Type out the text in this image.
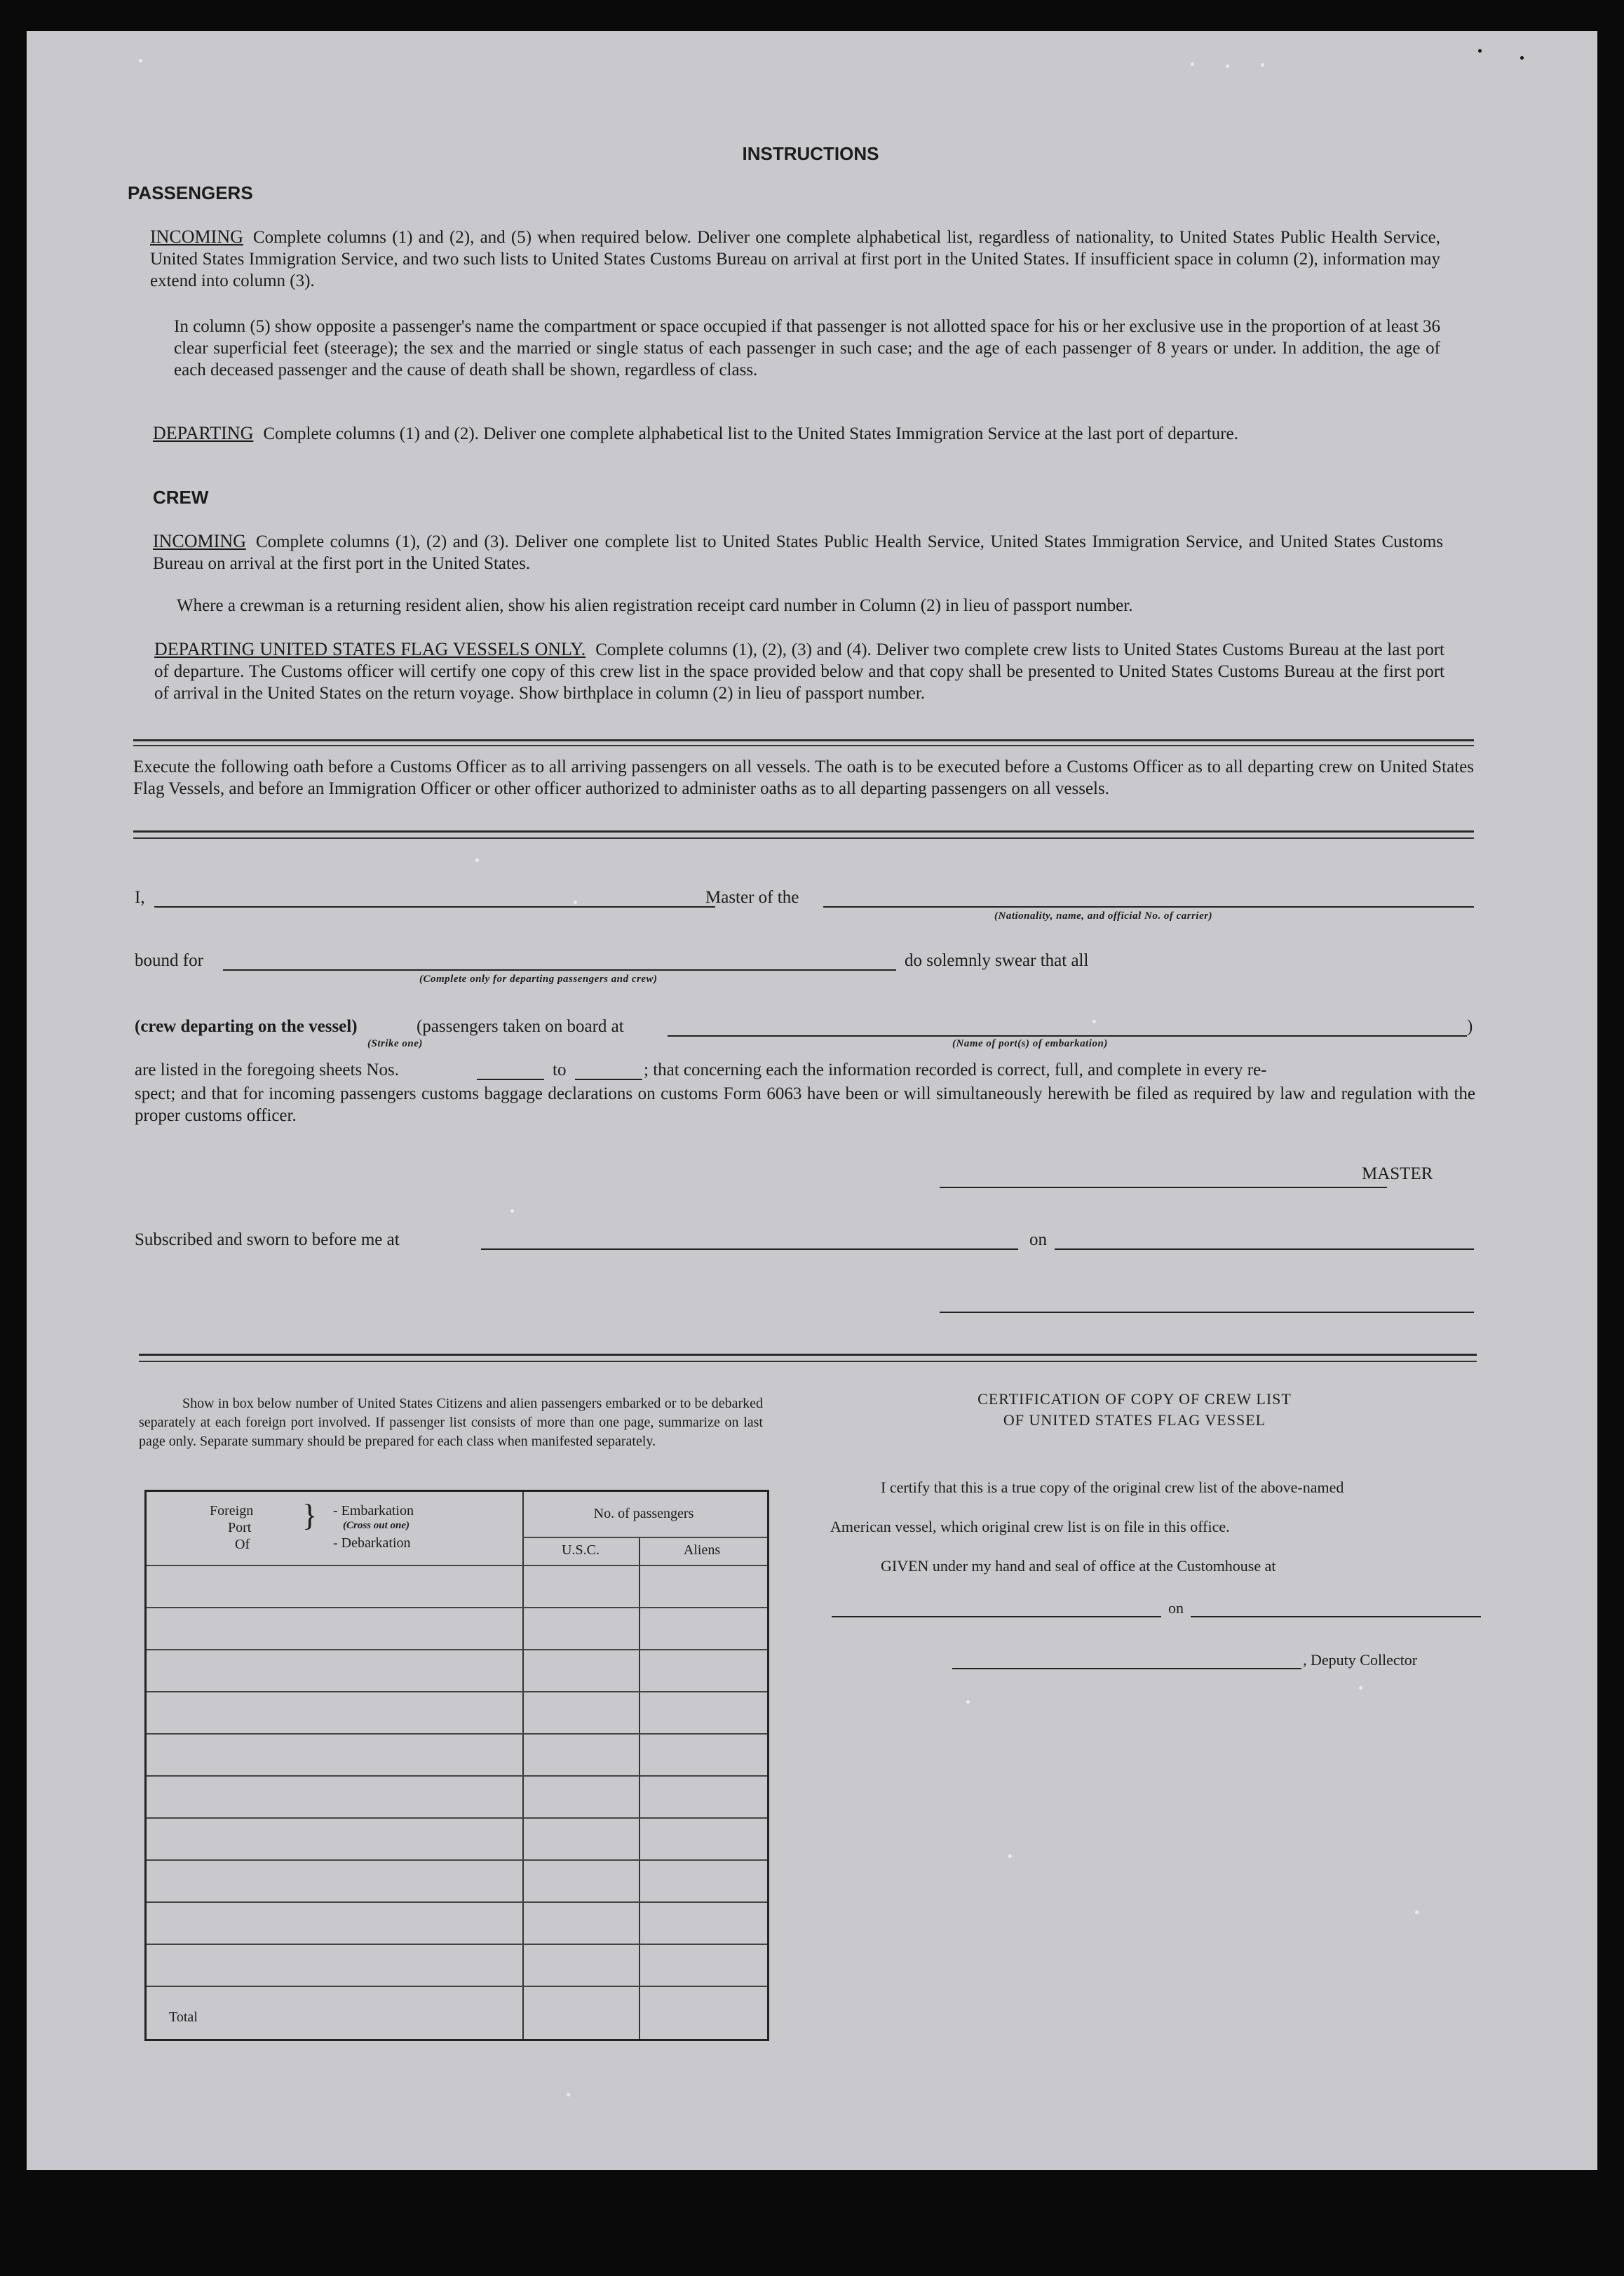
INSTRUCTIONS
PASSENGERS
INCOMING Complete columns (1) and (2), and (5) when required below. Deliver one complete alphabetical list, regardless of nationality, to United States Public Health Service, United States Immigration Service, and two such lists to United States Customs Bureau on arrival at first port in the United States. If insufficient space in column (2), information may extend into column (3).
In column (5) show opposite a passenger's name the compartment or space occupied if that passenger is not allotted space for his or her exclusive use in the proportion of at least 36 clear superficial feet (steerage); the sex and the married or single status of each passenger in such case; and the age of each passenger of 8 years or under. In addition, the age of each deceased passenger and the cause of death shall be shown, regardless of class.
DEPARTING Complete columns (1) and (2). Deliver one complete alphabetical list to the United States Immigration Service at the last port of departure.
CREW
INCOMING Complete columns (1), (2) and (3). Deliver one complete list to United States Public Health Service, United States Immigration Service, and United States Customs Bureau on arrival at the first port in the United States.
Where a crewman is a returning resident alien, show his alien registration receipt card number in Column (2) in lieu of passport number.
DEPARTING UNITED STATES FLAG VESSELS ONLY. Complete columns (1), (2), (3) and (4). Deliver two complete crew lists to United States Customs Bureau at the last port of departure. The Customs officer will certify one copy of this crew list in the space provided below and that copy shall be presented to United States Customs Bureau at the first port of arrival in the United States on the return voyage. Show birthplace in column (2) in lieu of passport number.
Execute the following oath before a Customs Officer as to all arriving passengers on all vessels. The oath is to be executed before a Customs Officer as to all departing crew on United States Flag Vessels, and before an Immigration Officer or other officer authorized to administer oaths as to all departing passengers on all vessels.
I,	Master of the
(Nationality, name, and official No. of carrier)
bound for
(Complete only for departing passengers and crew)
do solemnly swear that all
(crew departing on the vessel)	(passengers taken on board at	)
(Strike one)	(Name of port(s) of embarkation)
are listed in the foregoing sheets Nos.	to	; that concerning each the information recorded is correct, full, and complete in every re-
spect; and that for incoming passengers customs baggage declarations on customs Form 6063 have been or will simultaneously herewith be filed as required by law and regulation with the proper customs officer.
MASTER
Subscribed and sworn to before me at	on
Show in box below number of United States Citizens and alien passengers embarked or to be debarked separately at each foreign port involved. If passenger list consists of more than one page, summarize on last page only. Separate summary should be prepared for each class when manifested separately.
Foreign
Port
Of
} - Embarkation
(Cross out one)
- Debarkation
No. of passengers
U.S.C.	Aliens
Total
CERTIFICATION OF COPY OF CREW LIST
OF UNITED STATES FLAG VESSEL
I certify that this is a true copy of the original crew list of the above-named
American vessel, which original crew list is on file in this office.
GIVEN under my hand and seal of office at the Customhouse at
on
, Deputy Collector
